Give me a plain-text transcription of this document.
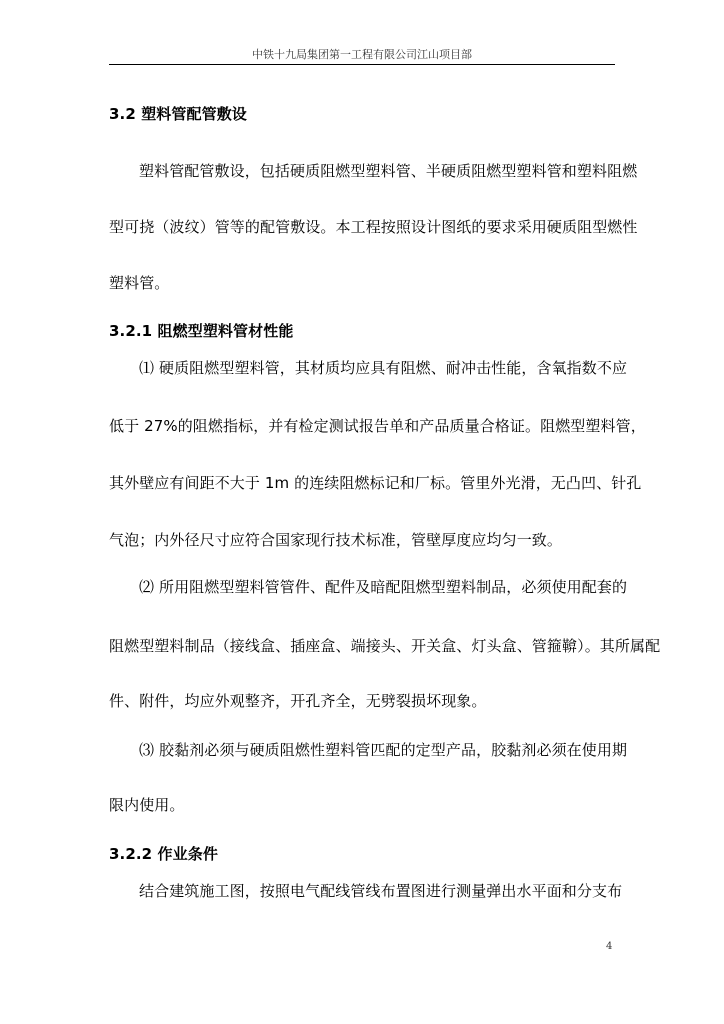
中铁十九局集团第一工程有限公司江山项目部
3.2 塑料管配管敷设
塑料管配管敷设，包括硬质阻燃型塑料管、半硬质阻燃型塑料管和塑料阻燃
型可挠（波纹）管等的配管敷设。本工程按照设计图纸的要求采用硬质阻型燃性
塑料管。
3.2.1 阻燃型塑料管材性能
⑴ 硬质阻燃型塑料管，其材质均应具有阻燃、耐冲击性能，含氧指数不应
低于 27%的阻燃指标，并有检定测试报告单和产品质量合格证。阻燃型塑料管，
其外壁应有间距不大于 1m 的连续阻燃标记和厂标。管里外光滑，无凸凹、针孔
气泡；内外径尺寸应符合国家现行技术标准，管壁厚度应均匀一致。
⑵ 所用阻燃型塑料管管件、配件及暗配阻燃型塑料制品，必须使用配套的
阻燃型塑料制品（接线盒、插座盒、端接头、开关盒、灯头盒、管箍鞥）。其所属配
件、附件，均应外观整齐，开孔齐全，无劈裂损坏现象。
⑶ 胶黏剂必须与硬质阻燃性塑料管匹配的定型产品，胶黏剂必须在使用期
限内使用。
3.2.2 作业条件
结合建筑施工图，按照电气配线管线布置图进行测量弹出水平面和分支布
4
